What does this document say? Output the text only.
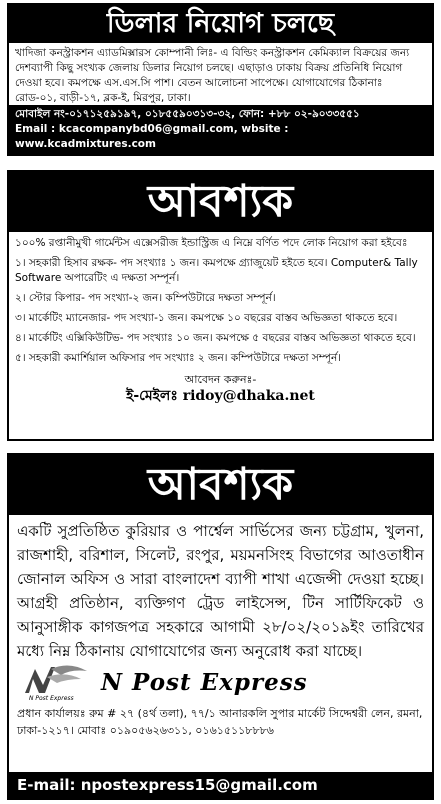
ডিলার নিয়োগ চলছে
খাদিজা কনস্ট্রাকশন এ্যাডমিক্সারস কোম্পানী লিঃ- এ বিল্ডিং কনস্ট্রাকশন কেমিক্যাল বিক্রয়ের জন্য দেশব্যাপী কিছু সংখ্যক জেলায় ডিলার নিয়োগ চলছে। এছাড়াও ঢাকায় বিক্রয় প্রতিনিধি নিয়োগ দেওয়া হবে। কমপক্ষে এস.এস.সি পাশ। বেতন আলোচনা সাপেক্ষে। যোগাযোগের ঠিকানাঃ রোড-০১, বাড়ী-১৭, ব্লক-ই, মিরপুর, ঢাকা।
মোবাইল নং-০১৭১২৫৯১৯৭, ০১৮৫৫৯০৩১৩-৩২, ফোন: +৮৮ ০২-৯০৩৩৫৫১
Email : kcacompanybd06@gmail.com, wbsite : www.kcadmixtures.com
আবশ্যক

১০০% রপ্তানীমুখী গার্মেন্টস এক্সেসরীজ ইন্ডাস্ট্রিজ এ নিম্নে বর্ণিত পদে লোক নিয়োগ করা হইবেঃ

১। সহকারী হিসাব রক্ষক- পদ সংখ্যাঃ ১ জন। কমপক্ষে গ্র্যাজুয়েট হইতে হবে। Computer& Tally Software অপারেটিং এ দক্ষতা সম্পূর্ন।

২। স্টোর কিপার- পদ সংখ্যা-২ জন। কম্পিউটারে দক্ষতা সম্পূর্ন।

৩। মার্কেটিং ম্যানেজার- পদ সংখ্যা-১ জন। কমপক্ষে ১০ বছরের বাস্তব অভিজ্ঞতা থাকতে হবে।

৪। মার্কেটিং এক্সিকিউটিভ- পদ সংখ্যাঃ ১০ জন। কমপক্ষে ৫ বছরের বাস্তব অভিজ্ঞতা থাকতে হবে।

৫। সহকারী কমার্শিয়াল অফিসার পদ সংখ্যাঃ ২ জন। কম্পিউটারে দক্ষতা সম্পূর্ন।

আবেদন করুনঃ-
ই-মেইলঃ ridoy@dhaka.net
আবশ্যক
একটি সুপ্রতিষ্ঠিত কুরিয়ার ও পার্শ্বেল সার্ভিসের জন্য চট্টগ্রাম, খুলনা, রাজশাহী, বরিশাল, সিলেট, রংপুর, ময়মনসিংহ বিভাগের আওতাধীন জোনাল অফিস ও সারা বাংলাদেশ ব্যাপী শাখা এজেন্সী দেওয়া হচ্ছে। আগ্রহী প্রতিষ্ঠান, ব্যক্তিগণ ট্রেড লাইসেন্স, টিন সার্টিফিকেট ও আনুসাঙ্গীক কাগজপত্র সহকারে আগামী ২৮/০২/২০১৯ইং তারিখের মধ্যে নিম্ন ঠিকানায় যোগাযোগের জন্য অনুরোধ করা যাচ্ছে।
N Post Express
N Post Express
প্রধান কার্যালয়ঃ রুম # ২৭ (৪র্থ তলা), ৭৭/১ আনারকলি সুপার মার্কেট সিদ্দেশ্বরী লেন, রমনা, ঢাকা-১২১৭। মোবাঃ ০১৯০৫৬২৬৩১১, ০১৬১৫১১৮৮৮৬
E-mail: npostexpress15@gmail.com
